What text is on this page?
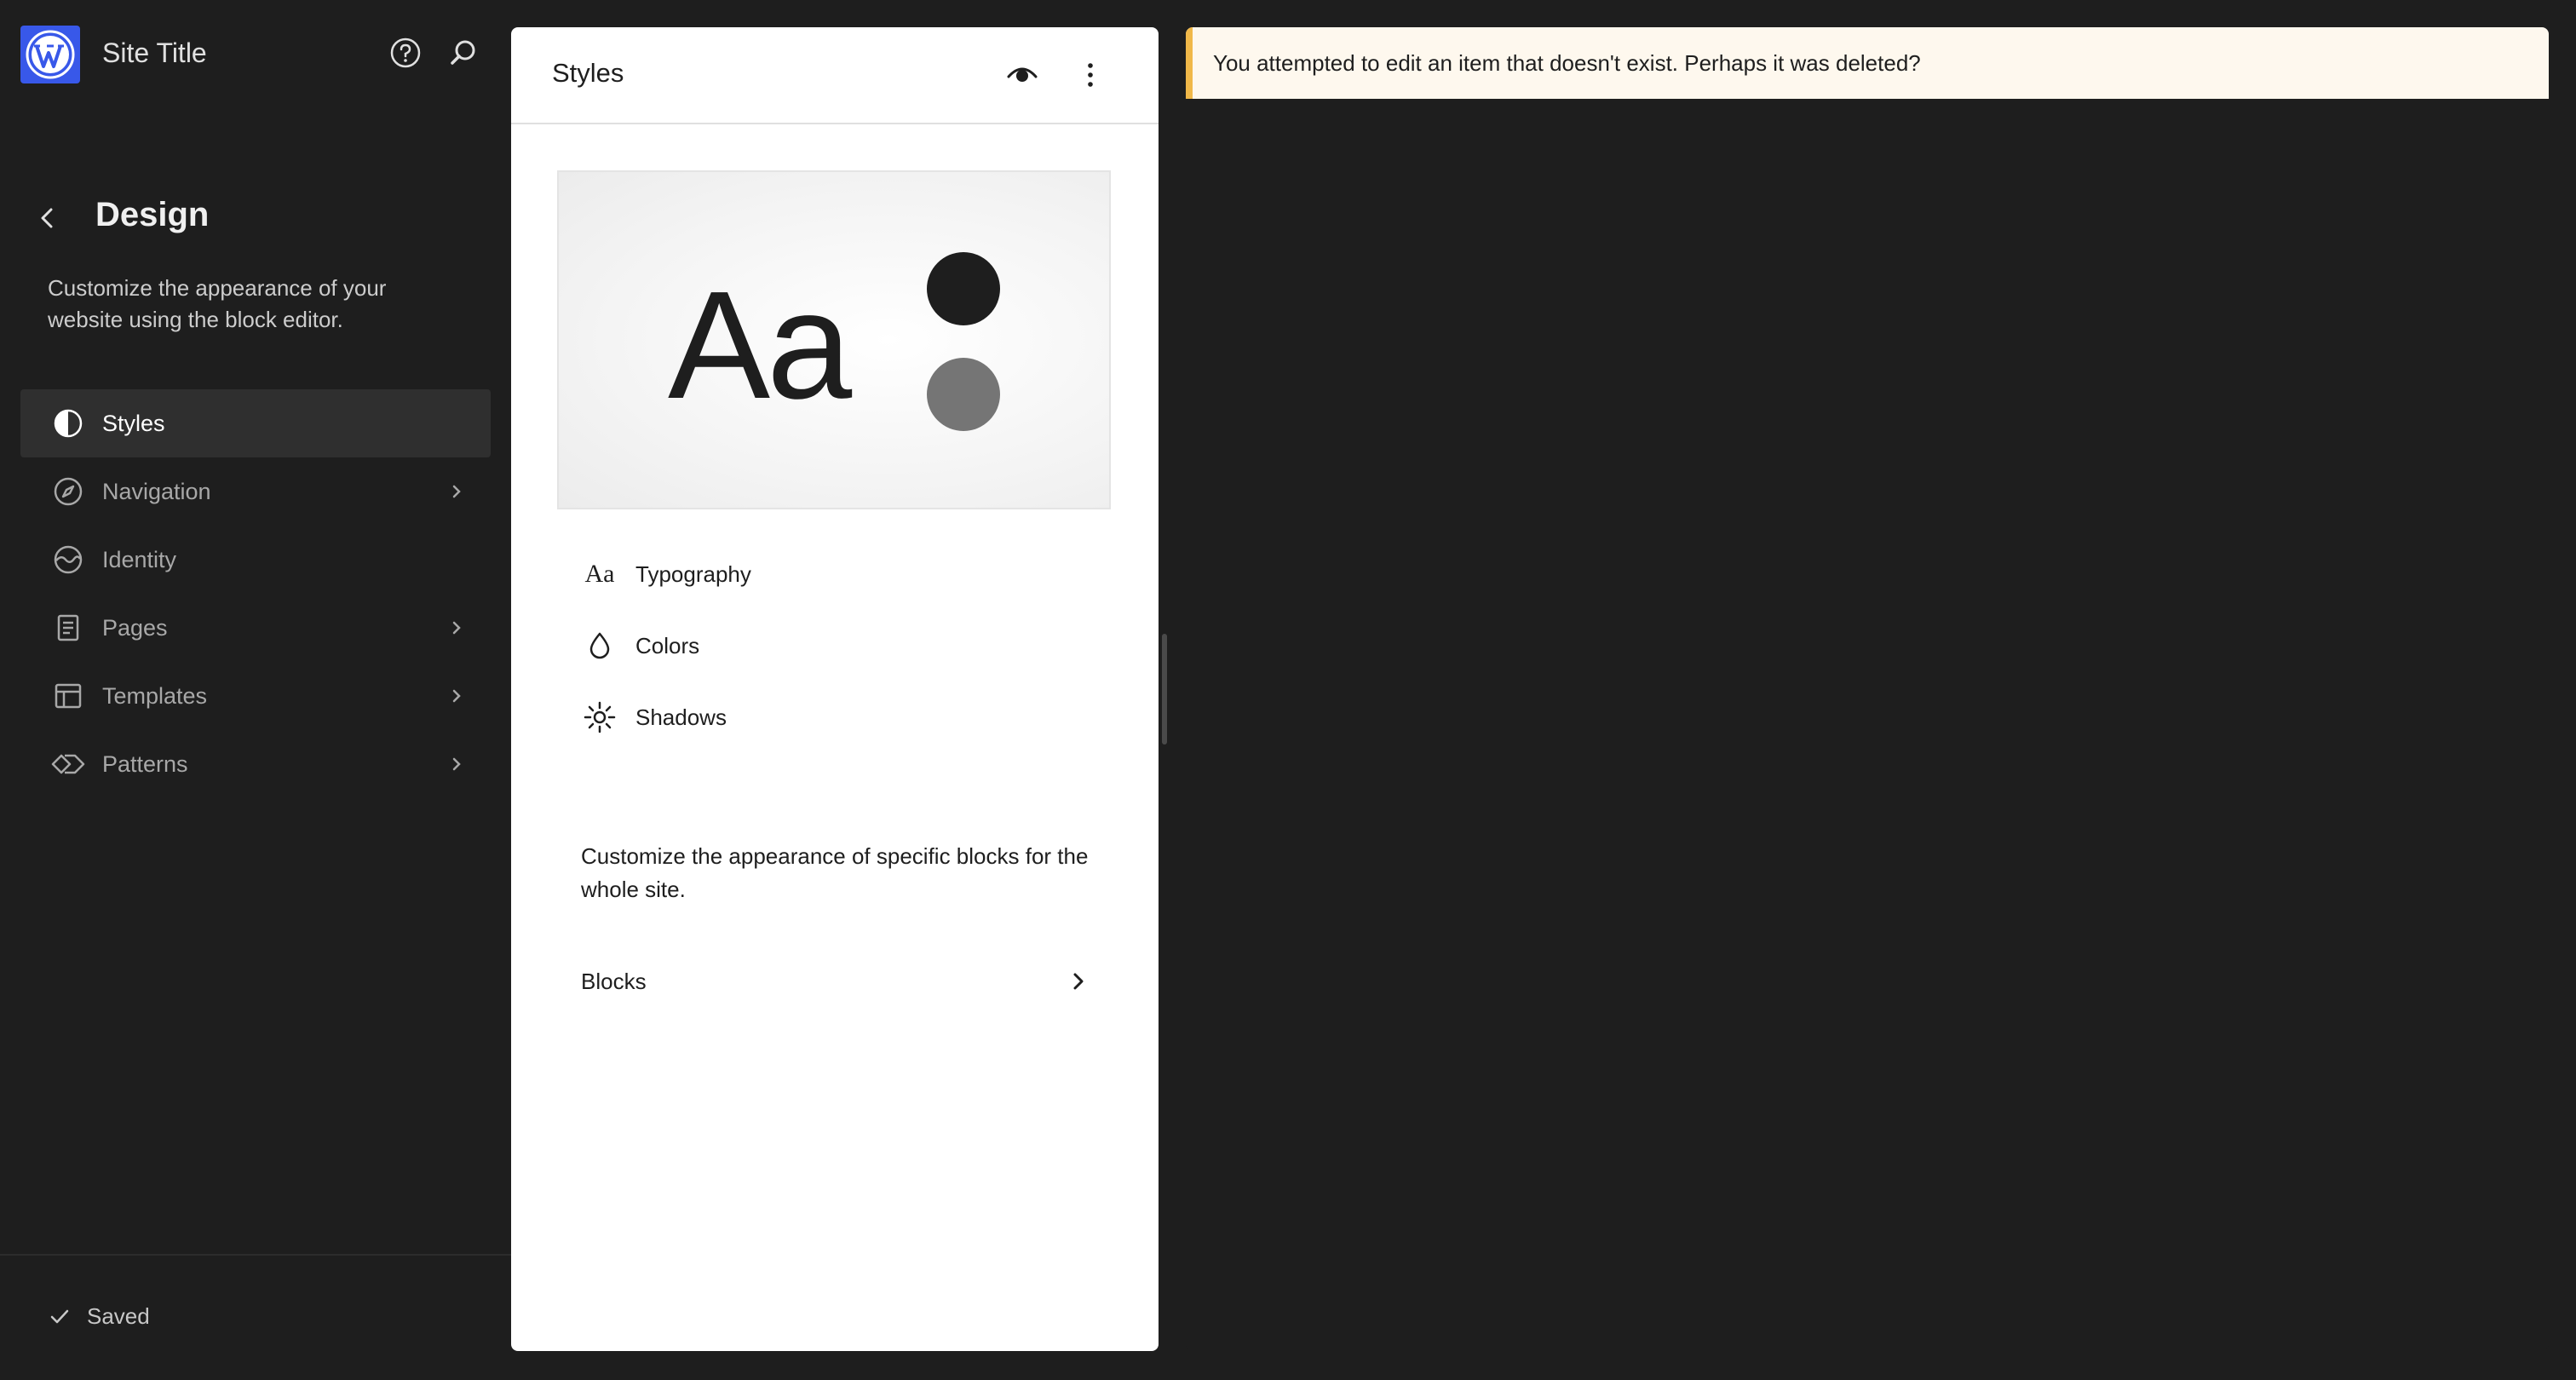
Site Title
Design
Customize the appearance of your website using the block editor.
Styles
Navigation
Identity
Pages
Templates
Patterns
Saved
Styles
Aa
Aa Typography
Colors
Shadows
Customize the appearance of specific blocks for the whole site.
Blocks
You attempted to edit an item that doesn't exist. Perhaps it was deleted?
